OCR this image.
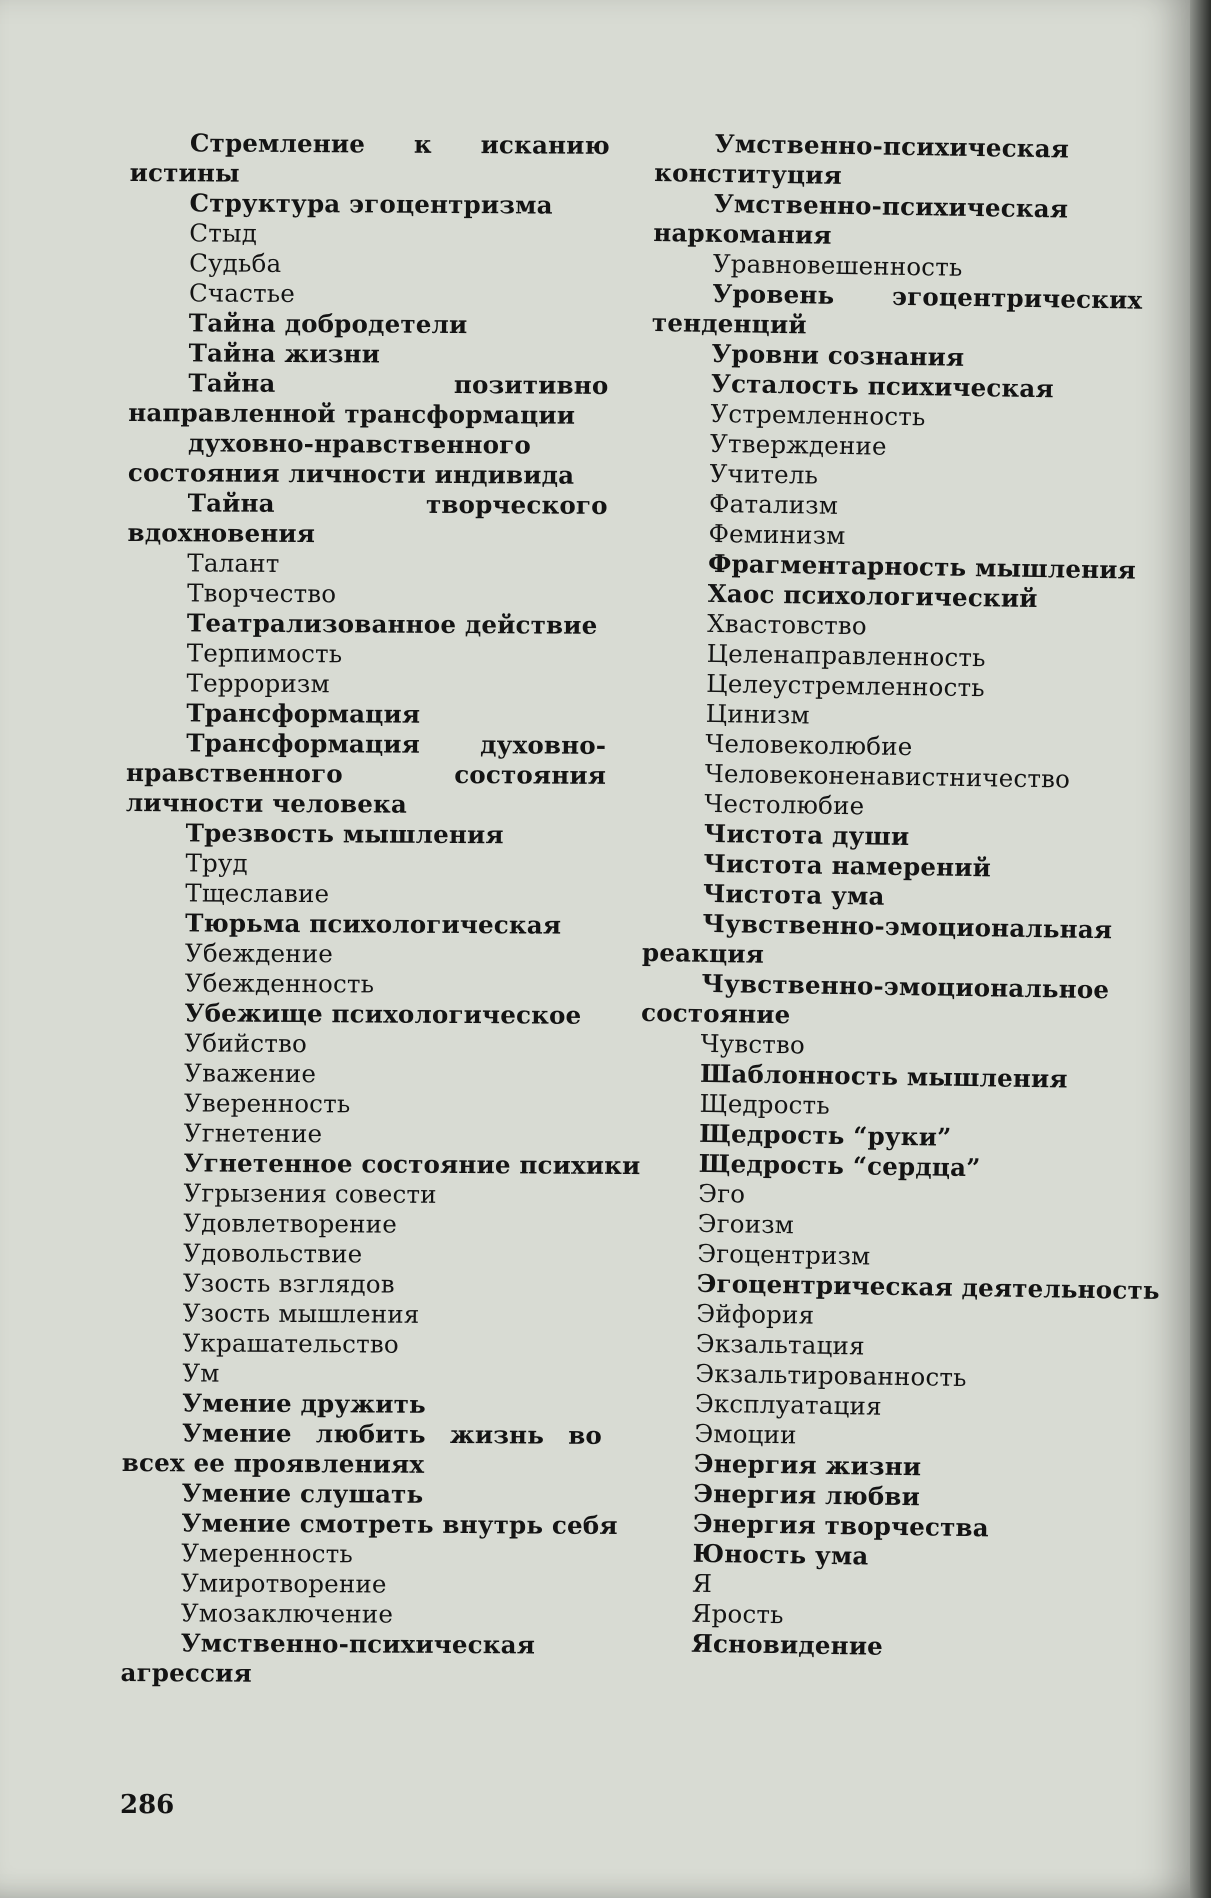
Стремление к исканию истины
Структура эгоцентризма
Стыд
Судьба
Счастье
Тайна добродетели
Тайна жизни
Тайна позитивно направленной трансформации
духовно-нравственного состояния личности индивида
Тайна творческого вдохновения
Талант
Творчество
Театрализованное действие
Терпимость
Терроризм
Трансформация
Трансформация духовно-нравственного состояния личности человека
Трезвость мышления
Труд
Тщеславие
Тюрьма психологическая
Убеждение
Убежденность
Убежище психологическое
Убийство
Уважение
Уверенность
Угнетение
Угнетенное состояние психики
Угрызения совести
Удовлетворение
Удовольствие
Узость взглядов
Узость мышления
Украшательство
Ум
Умение дружить
Умение любить жизнь во всех ее проявлениях
Умение слушать
Умение смотреть внутрь себя
Умеренность
Умиротворение
Умозаключение
Умственно-психическая агрессия
Умственно-психическая конституция
Умственно-психическая наркомания
Уравновешенность
Уровень эгоцентрических тенденций
Уровни сознания
Усталость психическая
Устремленность
Утверждение
Учитель
Фатализм
Феминизм
Фрагментарность мышления
Хаос психологический
Хвастовство
Целенаправленность
Целеустремленность
Цинизм
Человеколюбие
Человеконенавистничество
Честолюбие
Чистота души
Чистота намерений
Чистота ума
Чувственно-эмоциональная реакция
Чувственно-эмоциональное состояние
Чувство
Шаблонность мышления
Щедрость
Щедрость “руки”
Щедрость “сердца”
Эго
Эгоизм
Эгоцентризм
Эгоцентрическая деятельность
Эйфория
Экзальтация
Экзальтированность
Эксплуатация
Эмоции
Энергия жизни
Энергия любви
Энергия творчества
Юность ума
Я
Ярость
Ясновидение
286
